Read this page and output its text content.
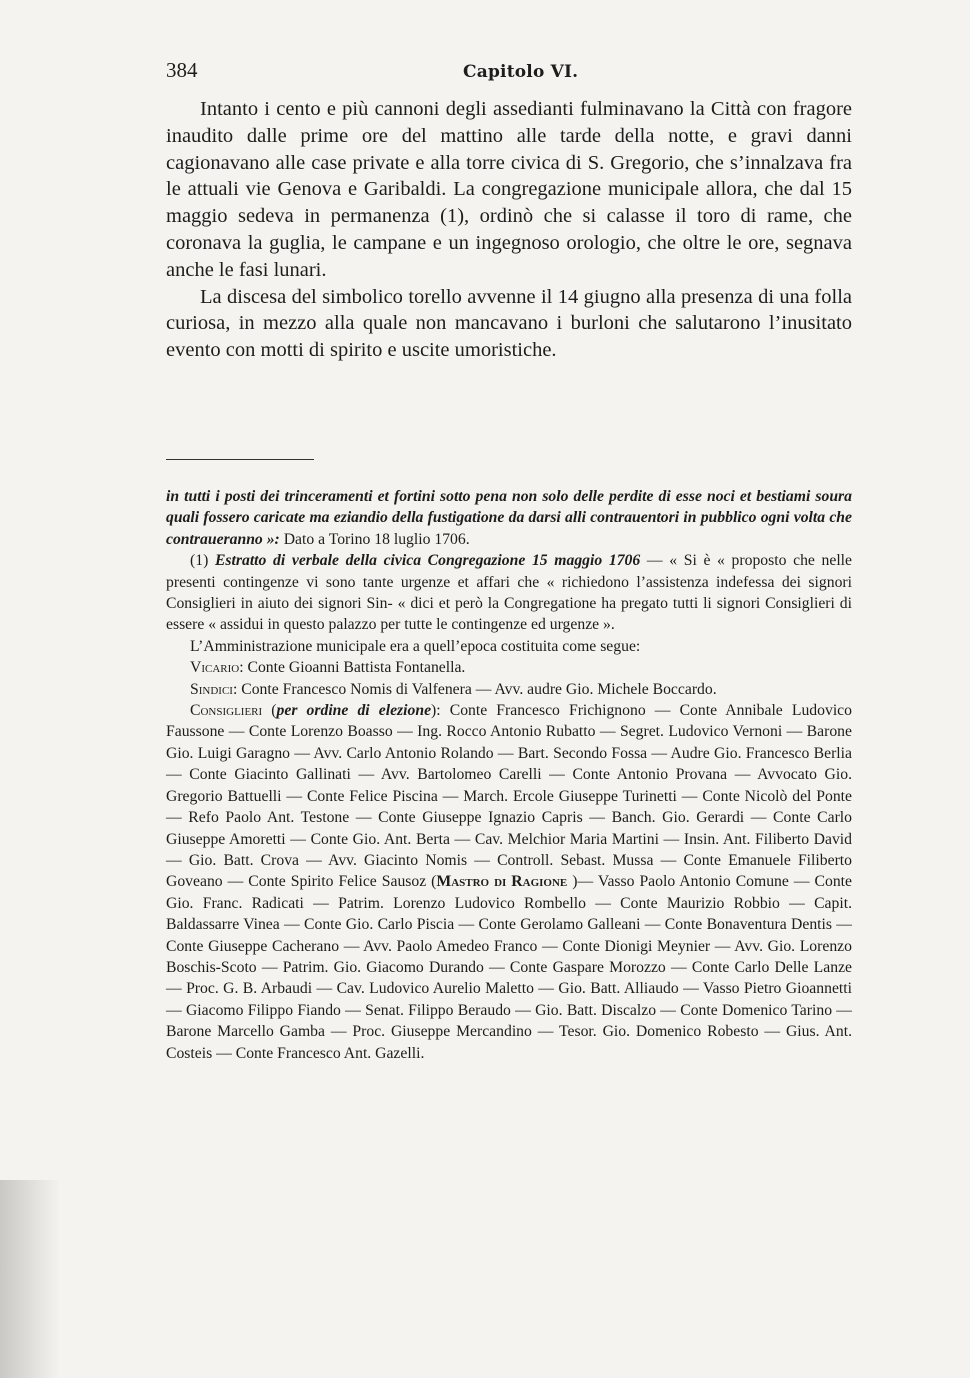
384	Capitolo VI.

Intanto i cento e più cannoni degli assedianti fulminavano la Città con fragore inaudito dalle prime ore del mattino alle tarde della notte, e gravi danni cagionavano alle case private e alla torre civica di S. Gregorio, che s’innalzava fra le attuali vie Genova e Garibaldi. La congregazione municipale allora, che dal 15 maggio sedeva in permanenza (1), ordinò che si calasse il toro di rame, che coronava la guglia, le campane e un ingegnoso orologio, che oltre le ore, segnava anche le fasi lunari.

La discesa del simbolico torello avvenne il 14 giugno alla presenza di una folla curiosa, in mezzo alla quale non mancavano i burloni che salutarono l’inusitato evento con motti di spirito e uscite umoristiche.

in tutti i posti dei trinceramenti et fortini sotto pena non solo delle perdite di esse noci et bestiami soura quali fossero caricate ma eziandio della fustigatione da darsi alli contrauentori in pubblico ogni volta che contraueranno »: Dato a Torino 18 luglio 1706.

(1) Estratto di verbale della civica Congregazione 15 maggio 1706 — « Si è « proposto che nelle presenti contingenze vi sono tante urgenze et affari che « richiedono l’assistenza indefessa dei signori Consiglieri in aiuto dei signori Sin- « dici et però la Congregatione ha pregato tutti li signori Consiglieri di essere « assidui in questo palazzo per tutte le contingenze ed urgenze ».

L’Amministrazione municipale era a quell’epoca costituita come segue:

Vicario: Conte Gioanni Battista Fontanella.

Sindici: Conte Francesco Nomis di Valfenera — Avv. audre Gio. Michele Boccardo.

Consiglieri (per ordine di elezione): Conte Francesco Frichignono — Conte Annibale Ludovico Faussone — Conte Lorenzo Boasso — Ing. Rocco Antonio Rubatto — Segret. Ludovico Vernoni — Barone Gio. Luigi Garagno — Avv. Carlo Antonio Rolando — Bart. Secondo Fossa — Audre Gio. Francesco Berlia — Conte Giacinto Gallinati — Avv. Bartolomeo Carelli — Conte Antonio Provana — Avvocato Gio. Gregorio Battuelli — Conte Felice Piscina — March. Ercole Giuseppe Turinetti — Conte Nicolò del Ponte — Refo Paolo Ant. Testone — Conte Giuseppe Ignazio Capris — Banch. Gio. Gerardi — Conte Carlo Giuseppe Amoretti — Conte Gio. Ant. Berta — Cav. Melchior Maria Martini — Insin. Ant. Filiberto David — Gio. Batt. Crova — Avv. Giacinto Nomis — Controll. Sebast. Mussa — Conte Emanuele Filiberto Goveano — Conte Spirito Felice Sausoz (Mastro di Ragione )— Vasso Paolo Antonio Comune — Conte Gio. Franc. Radicati — Patrim. Lorenzo Ludovico Rombello — Conte Maurizio Robbio — Capit. Baldassarre Vinea — Conte Gio. Carlo Piscia — Conte Gerolamo Galleani — Conte Bonaventura Dentis — Conte Giuseppe Cacherano — Avv. Paolo Amedeo Franco — Conte Dionigi Meynier — Avv. Gio. Lorenzo Boschis-Scoto — Patrim. Gio. Giacomo Durando — Conte Gaspare Morozzo — Conte Carlo Delle Lanze — Proc. G. B. Arbaudi — Cav. Ludovico Aurelio Maletto — Gio. Batt. Alliaudo — Vasso Pietro Gioannetti — Giacomo Filippo Fiando — Senat. Filippo Beraudo — Gio. Batt. Discalzo — Conte Domenico Tarino — Barone Marcello Gamba — Proc. Giuseppe Mercandino — Tesor. Gio. Domenico Robesto — Gius. Ant. Costeis — Conte Francesco Ant. Gazelli.
